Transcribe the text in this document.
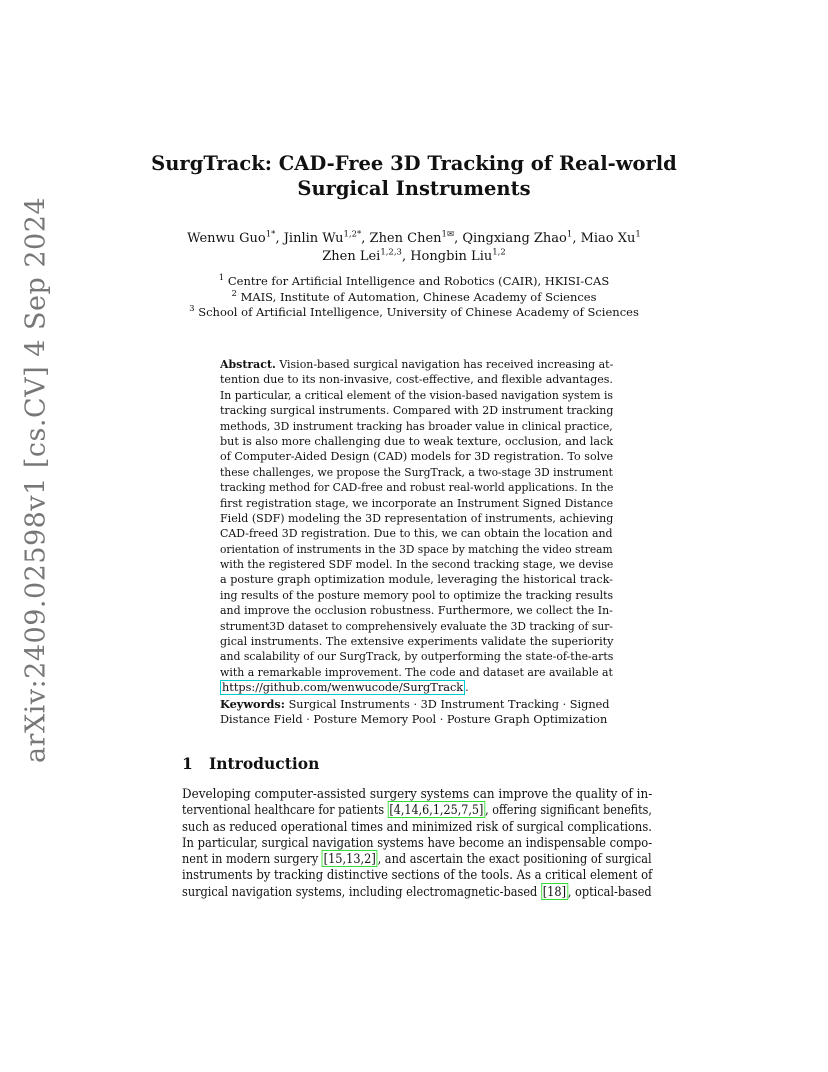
arXiv:2409.02598v1 [cs.CV] 4 Sep 2024
SurgTrack: CAD-Free 3D Tracking of Real-world
Surgical Instruments
Wenwu Guo$^{1*}$, Jinlin $Wu^{1,2*}$, Zhen Chen$^{1✉}$, Qingxiang Zhao$^1$, Miao Xu$^1$
Zhen Lei$^{1,2,3}$, Hongbin Liu$^{1,2}$
$^1$ Centre for Artificial Intelligence and Robotics (CAIR), HKISI-CAS
$^2$ MAIS, Institute of Automation, Chinese Academy of Sciences
$^3$ School of Artificial Intelligence, University of Chinese Academy of Sciences
Abstract. Vision-based surgical navigation has received increasing at-
tention due to its non-invasive, cost-effective, and flexible advantages.
In particular, a critical element of the vision-based navigation system is
tracking surgical instruments. Compared with 2D instrument tracking
methods, 3D instrument tracking has broader value in clinical practice,
but is also more challenging due to weak texture, occlusion, and lack
of Computer-Aided Design (CAD) models for 3D registration. To solve
these challenges, we propose the SurgTrack, a two-stage 3D instrument
tracking method for CAD-free and robust real-world applications. In the
first registration stage, we incorporate an Instrument Signed Distance
Field (SDF) modeling the 3D representation of instruments, achieving
CAD-freed 3D registration. Due to this, we can obtain the location and
orientation of instruments in the 3D space by matching the video stream
with the registered SDF model. In the second tracking stage, we devise
a posture graph optimization module, leveraging the historical track-
ing results of the posture memory pool to optimize the tracking results
and improve the occlusion robustness. Furthermore, we collect the In-
strument3D dataset to comprehensively evaluate the 3D tracking of sur-
gical instruments. The extensive experiments validate the superiority
and scalability of our SurgTrack, by outperforming the state-of-the-arts
with a remarkable improvement. The code and dataset are available at
https://github.com/wenwucode/SurgTrack .
Keywords: Surgical Instruments · 3D Instrument Tracking · Signed
Distance Field · Posture Memory Pool · Posture Graph Optimization
1 Introduction
Developing computer-assisted surgery systems can improve the quality of in-
terventional healthcare for patients [4,14,6,1,25,7,5] , offering significant benefits,
such as reduced operational times and minimized risk of surgical complications.
In particular, surgical navigation systems have become an indispensable compo-
nent in modern surgery [15,13,2] , and ascertain the exact positioning of surgical
instruments by tracking distinctive sections of the tools. As a critical element of
surgical navigation systems, including electromagnetic-based [18] , optical-based
